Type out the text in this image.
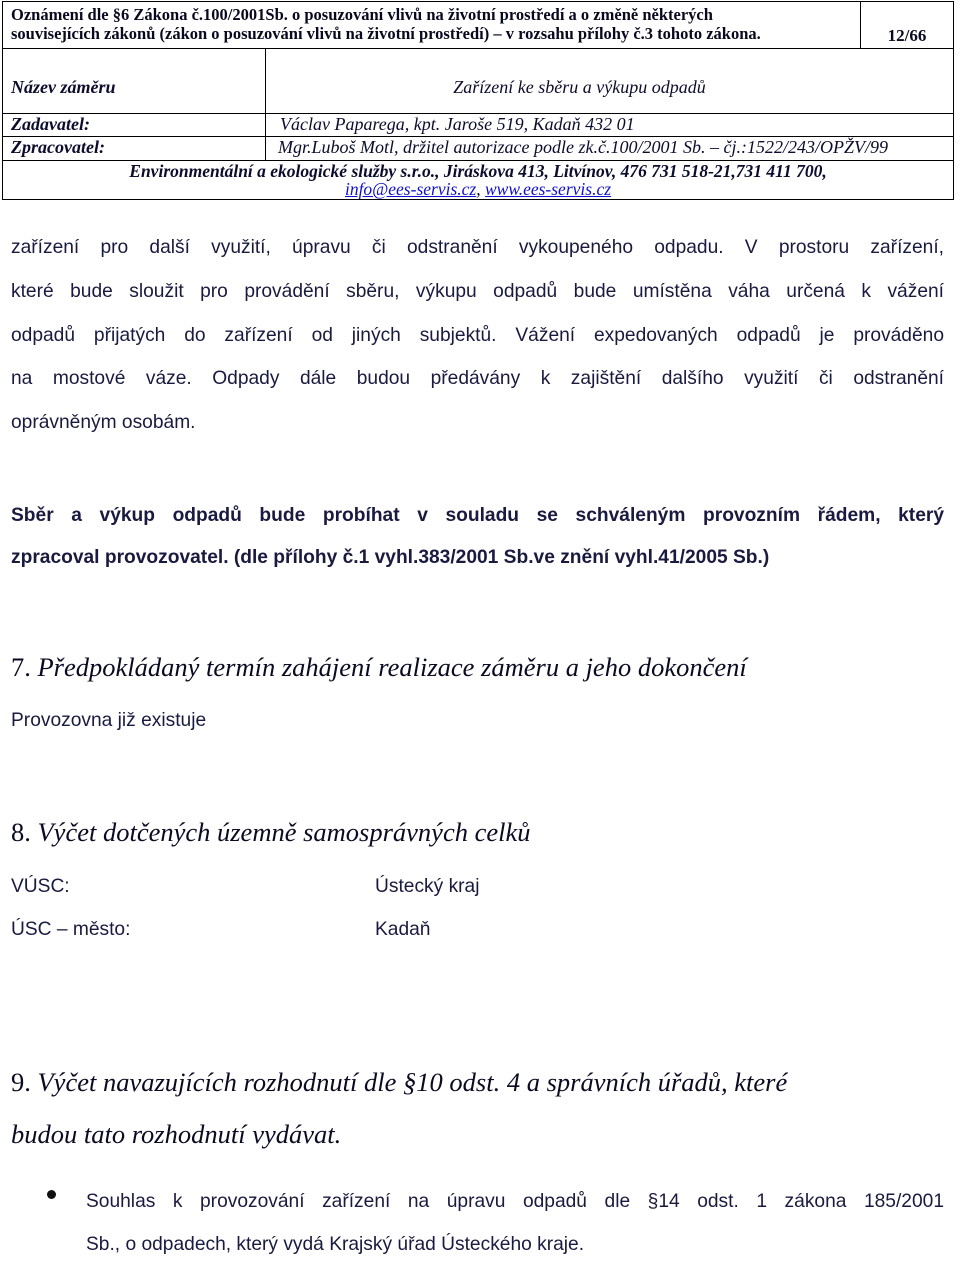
Oznámení dle §6 Zákona č.100/2001Sb. o posuzování vlivů na životní prostředí a o změně některých
souvisejících zákonů (zákon o posuzování vlivů na životní prostředí) – v rozsahu přílohy č.3 tohoto zákona.	12/66
Název záměru	Zařízení ke sběru a výkupu odpadů
Zadavatel:	Václav Paparega, kpt. Jaroše 519, Kadaň 432 01
Zpracovatel:	Mgr.Luboš Motl, držitel autorizace podle zk.č.100/2001 Sb. – čj.:1522/243/OPŽV/99
Environmentální a ekologické služby s.r.o., Jiráskova 413, Litvínov, 476 731 518-21,731 411 700,
info@ees-servis.cz, www.ees-servis.cz
zařízení pro další využití, úpravu či odstranění vykoupeného odpadu. V prostoru zařízení,
které bude sloužit pro provádění sběru, výkupu odpadů bude umístěna váha určená k vážení
odpadů přijatých do zařízení od jiných subjektů. Vážení expedovaných odpadů je prováděno
na mostové váze. Odpady dále budou předávány k zajištění dalšího využití či odstranění
oprávněným osobám.
Sběr a výkup odpadů bude probíhat v souladu se schváleným provozním řádem, který
zpracoval provozovatel. (dle přílohy č.1 vyhl.383/2001 Sb.ve znění vyhl.41/2005 Sb.)
7. Předpokládaný termín zahájení realizace záměru a jeho dokončení
Provozovna již existuje
8. Výčet dotčených územně samosprávných celků
VÚSC:	Ústecký kraj
ÚSC – město:	Kadaň
9. Výčet navazujících rozhodnutí dle §10 odst. 4 a správních úřadů, které
budou tato rozhodnutí vydávat.
Souhlas k provozování zařízení na úpravu odpadů dle §14 odst. 1 zákona 185/2001
Sb., o odpadech, který vydá Krajský úřad Ústeckého kraje.
